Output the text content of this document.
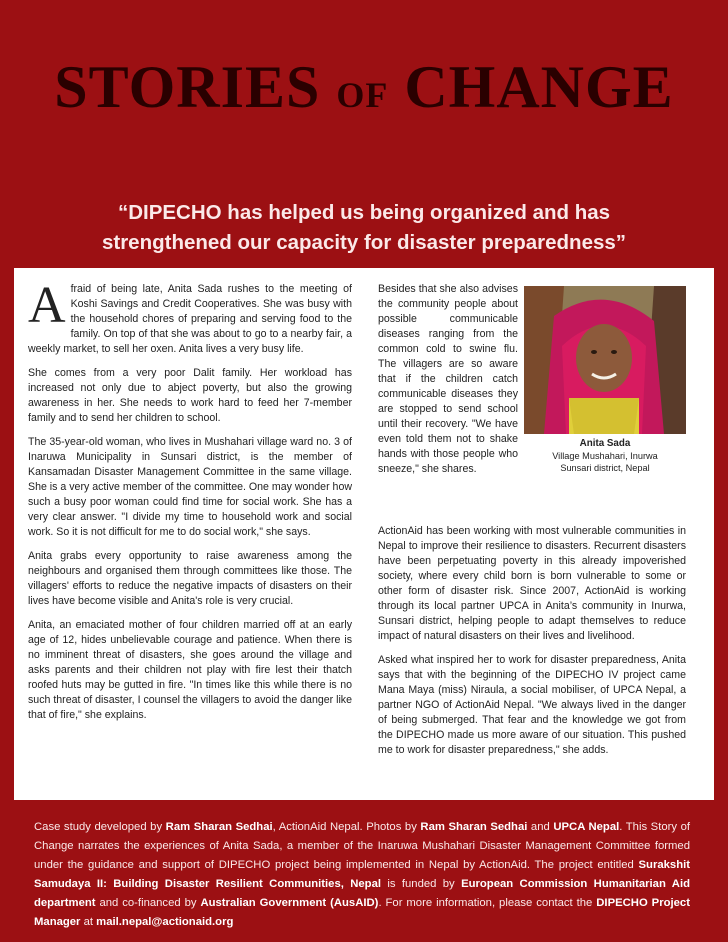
STORIES OF CHANGE
“DIPECHO has helped us being organized and has
strengthened our capacity for disaster preparedness”

Afraid of being late, Anita Sada rushes to the meeting of Koshi Savings and Credit Cooperatives. She was busy with the household chores of preparing and serving food to the family. On top of that she was about to go to a nearby fair, a weekly market, to sell her oxen. Anita lives a very busy life.

She comes from a very poor Dalit family. Her workload has increased not only due to abject poverty, but also the growing awareness in her. She needs to work hard to feed her 7-member family and to send her children to school.

The 35-year-old woman, who lives in Mushahari village ward no. 3 of Inaruwa Municipality in Sunsari district, is the member of Kansamadan Disaster Management Committee in the same village. She is a very active member of the committee. One may wonder how such a busy poor woman could find time for social work. She has a very clear answer. "I divide my time to household work and social work. So it is not difficult for me to do social work," she says.

Anita grabs every opportunity to raise awareness among the neighbours and organised them through committees like those. The villagers' efforts to reduce the negative impacts of disasters on their lives have become visible and Anita's role is very crucial.

Anita, an emaciated mother of four children married off at an early age of 12, hides unbelievable courage and patience. When there is no imminent threat of disasters, she goes around the village and asks parents and their children not play with fire lest their thatch roofed huts may be gutted in fire. "In times like this while there is no such threat of disaster, I counsel the villagers to avoid the danger like that of fire," she explains.

Besides that she also advises the community people about possible communicable diseases ranging from the common cold to swine flu. The villagers are so aware that if the children catch communicable diseases they are stopped to send school until their recovery. "We have even told them not to shake hands with those people who sneeze," she shares.

Anita Sada
Village Mushahari, Inurwa
Sunsari district, Nepal

ActionAid has been working with most vulnerable communities in Nepal to improve their resilience to disasters. Recurrent disasters have been perpetuating poverty in this already impoverished society, where every child born is born vulnerable to some or other form of disaster risk. Since 2007, ActionAid is working through its local partner UPCA in Anita’s community in Inurwa, Sunsari district, helping people to adapt themselves to reduce impact of natural disasters on their lives and livelihood.

Asked what inspired her to work for disaster preparedness, Anita says that with the beginning of the DIPECHO IV project came Mana Maya (miss) Niraula, a social mobiliser, of UPCA Nepal, a partner NGO of ActionAid Nepal. "We always lived in the danger of being submerged. That fear and the knowledge we got from the DIPECHO made us more aware of our situation. This pushed me to work for disaster preparedness," she adds.

Case study developed by Ram Sharan Sedhai, ActionAid Nepal. Photos by Ram Sharan Sedhai and UPCA Nepal. This Story of Change narrates the experiences of Anita Sada, a member of the Inaruwa Mushahari Disaster Management Committee formed under the guidance and support of DIPECHO project being implemented in Nepal by ActionAid. The project entitled Surakshit Samudaya II: Building Disaster Resilient Communities, Nepal is funded by European Commission Humanitarian Aid department and co-financed by Australian Government (AusAID). For more information, please contact the DIPECHO Project Manager at mail.nepal@actionaid.org
